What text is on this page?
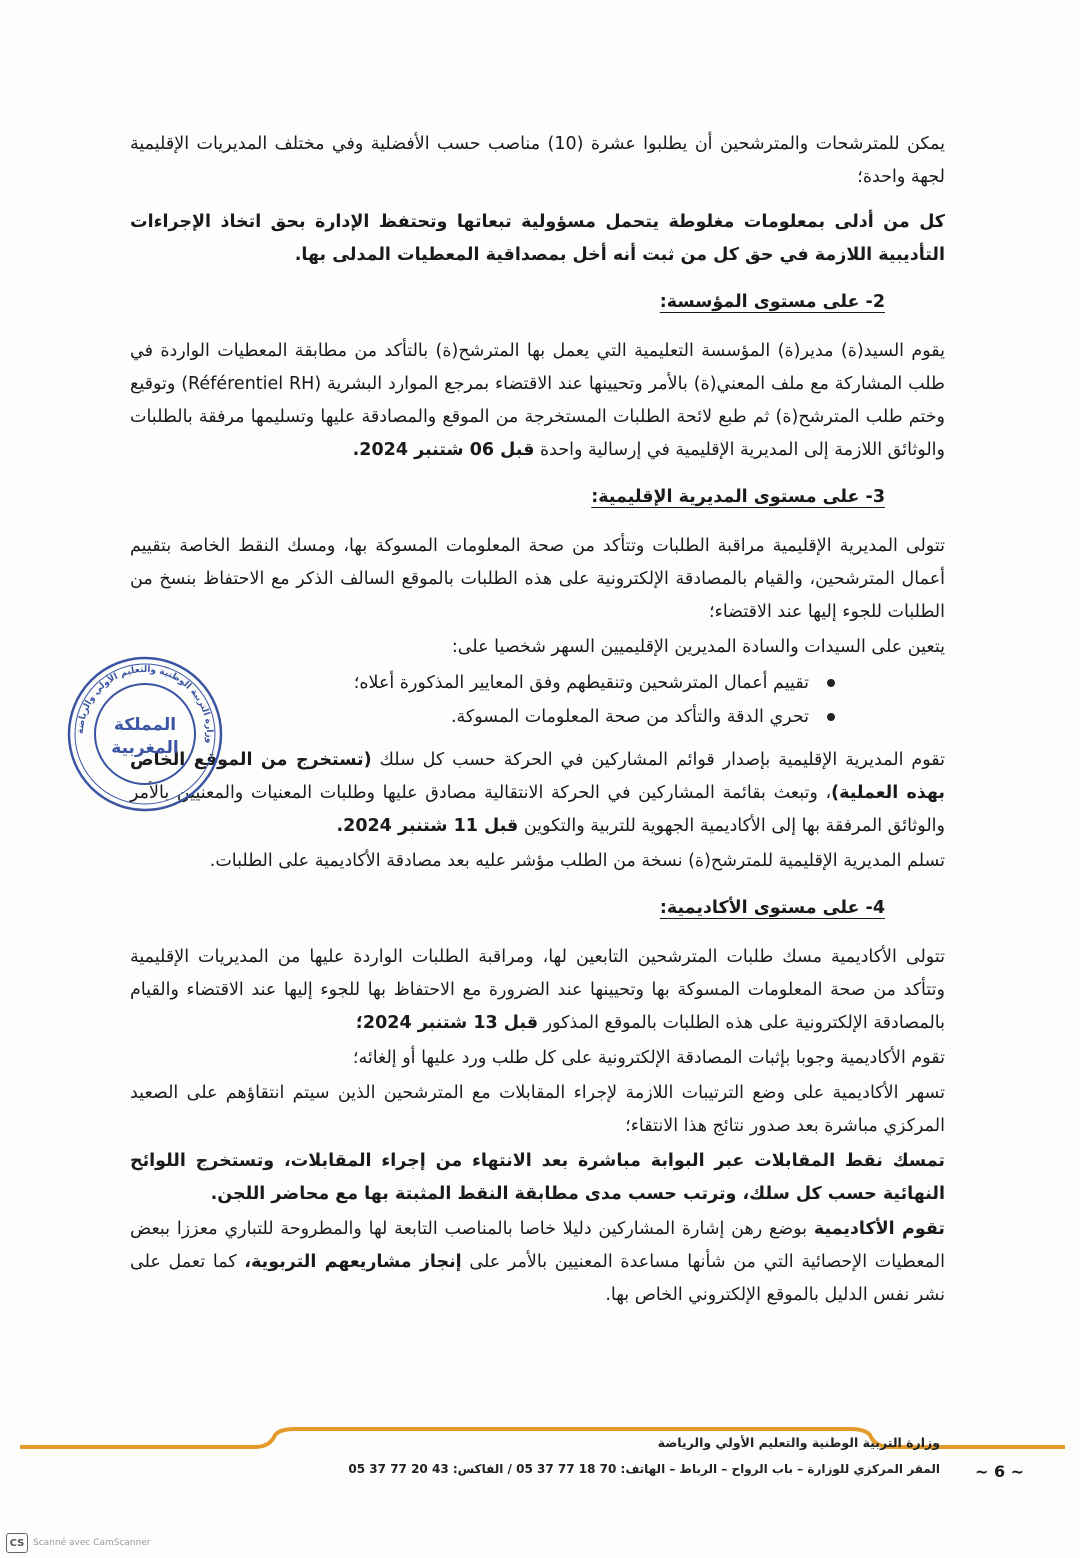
يمكن للمترشحات والمترشحين أن يطلبوا عشرة (10) مناصب حسب الأفضلية وفي مختلف المديريات الإقليمية لجهة واحدة؛

كل من أدلى بمعلومات مغلوطة يتحمل مسؤولية تبعاتها وتحتفظ الإدارة بحق اتخاذ الإجراءات التأديبية اللازمة في حق كل من ثبت أنه أخل بمصداقية المعطيات المدلى بها.

2- على مستوى المؤسسة:

يقوم السيد(ة) مدير(ة) المؤسسة التعليمية التي يعمل بها المترشح(ة) بالتأكد من مطابقة المعطيات الواردة في طلب المشاركة مع ملف المعني(ة) بالأمر وتحيينها عند الاقتضاء بمرجع الموارد البشرية (Référentiel RH) وتوقيع وختم طلب المترشح(ة) ثم طبع لائحة الطلبات المستخرجة من الموقع والمصادقة عليها وتسليمها مرفقة بالطلبات والوثائق اللازمة إلى المديرية الإقليمية في إرسالية واحدة قبل 06 شتنبر 2024.

3- على مستوى المديرية الإقليمية:

تتولى المديرية الإقليمية مراقبة الطلبات وتتأكد من صحة المعلومات المسوكة بها، ومسك النقط الخاصة بتقييم أعمال المترشحين، والقيام بالمصادقة الإلكترونية على هذه الطلبات بالموقع السالف الذكر مع الاحتفاظ بنسخ من الطلبات للجوء إليها عند الاقتضاء؛

يتعين على السيدات والسادة المديرين الإقليميين السهر شخصيا على:

تقييم أعمال المترشحين وتنقيطهم وفق المعايير المذكورة أعلاه؛
تحري الدقة والتأكد من صحة المعلومات المسوكة.

تقوم المديرية الإقليمية بإصدار قوائم المشاركين في الحركة حسب كل سلك (تستخرج من الموقع الخاص بهذه العملية)، وتبعث بقائمة المشاركين في الحركة الانتقالية مصادق عليها وطلبات المعنيات والمعنيين بالأمر والوثائق المرفقة بها إلى الأكاديمية الجهوية للتربية والتكوين قبل 11 شتنبر 2024.

تسلم المديرية الإقليمية للمترشح(ة) نسخة من الطلب مؤشر عليه بعد مصادقة الأكاديمية على الطلبات.

4- على مستوى الأكاديمية:

تتولى الأكاديمية مسك طلبات المترشحين التابعين لها، ومراقبة الطلبات الواردة عليها من المديريات الإقليمية وتتأكد من صحة المعلومات المسوكة بها وتحيينها عند الضرورة مع الاحتفاظ بها للجوء إليها عند الاقتضاء والقيام بالمصادقة الإلكترونية على هذه الطلبات بالموقع المذكور قبل 13 شتنبر 2024؛

تقوم الأكاديمية وجوبا بإثبات المصادقة الإلكترونية على كل طلب ورد عليها أو إلغائه؛

تسهر الأكاديمية على وضع الترتيبات اللازمة لإجراء المقابلات مع المترشحين الذين سيتم انتقاؤهم على الصعيد المركزي مباشرة بعد صدور نتائج هذا الانتقاء؛

تمسك نقط المقابلات عبر البوابة مباشرة بعد الانتهاء من إجراء المقابلات، وتستخرج اللوائح النهائية حسب كل سلك، وترتب حسب مدى مطابقة النقط المثبتة بها مع محاضر اللجن.

تقوم الأكاديمية بوضع رهن إشارة المشاركين دليلا خاصا بالمناصب التابعة لها والمطروحة للتباري معززا ببعض المعطيات الإحصائية التي من شأنها مساعدة المعنيين بالأمر على إنجاز مشاريعهم التربوية، كما تعمل على نشر نفس الدليل بالموقع الإلكتروني الخاص بها.

وزارة التربية الوطنية والتعليم الأولي والرياضة
المملكة
المغربية
وزارة التربية الوطنية والتعليم الأولي والرياضة
المقر المركزي للوزارة – باب الرواح – الرباط – الهاتف: 70 18 77 37 05 / الفاكس: 43 20 77 37 05 ~ 6 ~
CS Scanné avec CamScanner
